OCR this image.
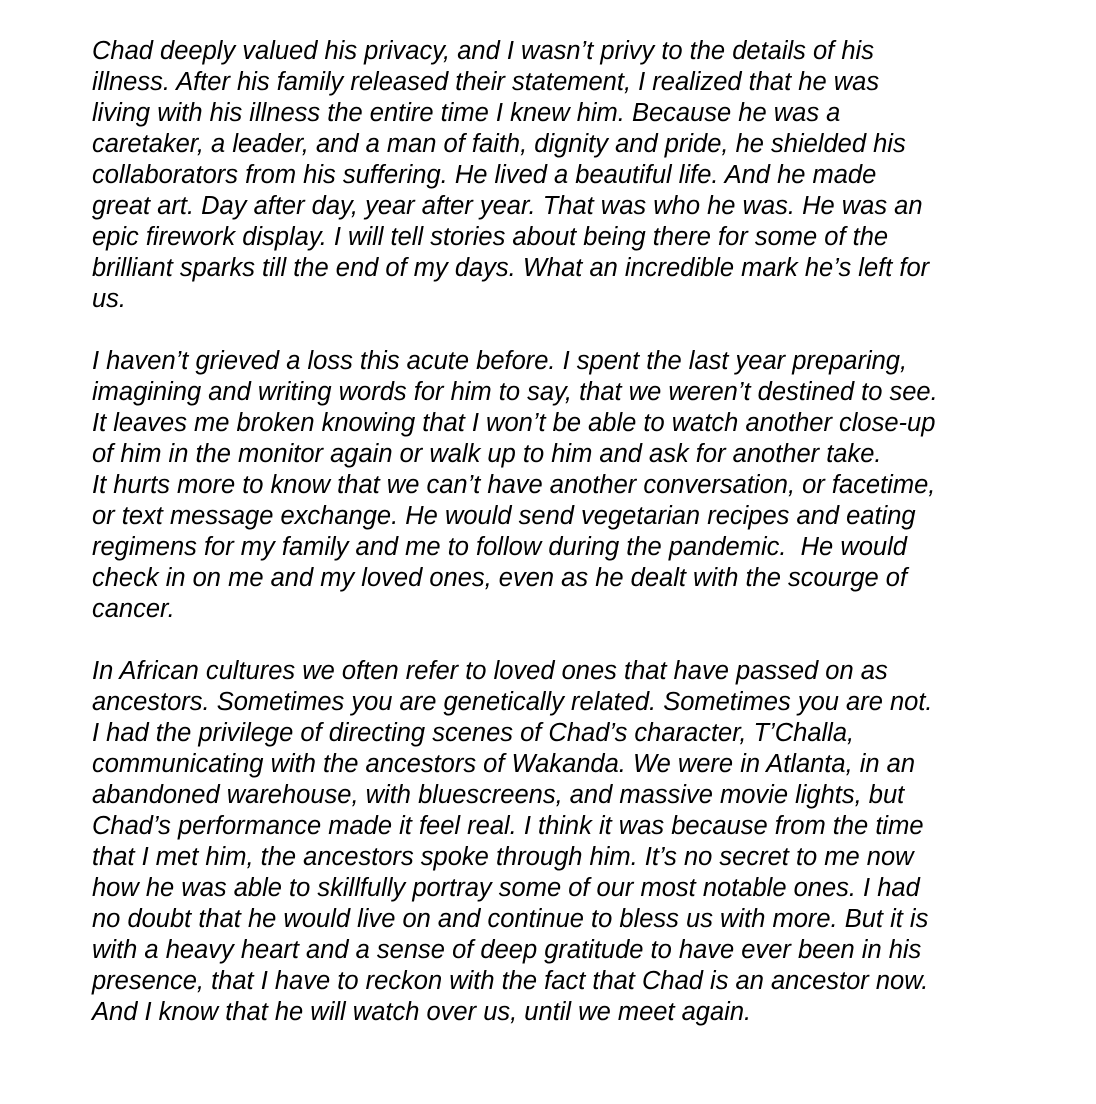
Chad deeply valued his privacy, and I wasn’t privy to the details of his
illness. After his family released their statement, I realized that he was
living with his illness the entire time I knew him. Because he was a
caretaker, a leader, and a man of faith, dignity and pride, he shielded his
collaborators from his suffering. He lived a beautiful life. And he made
great art. Day after day, year after year. That was who he was. He was an
epic firework display. I will tell stories about being there for some of the
brilliant sparks till the end of my days. What an incredible mark he’s left for
us.

I haven’t grieved a loss this acute before. I spent the last year preparing,
imagining and writing words for him to say, that we weren’t destined to see.
It leaves me broken knowing that I won’t be able to watch another close-up
of him in the monitor again or walk up to him and ask for another take.
It hurts more to know that we can’t have another conversation, or facetime,
or text message exchange. He would send vegetarian recipes and eating
regimens for my family and me to follow during the pandemic.  He would
check in on me and my loved ones, even as he dealt with the scourge of
cancer.

In African cultures we often refer to loved ones that have passed on as
ancestors. Sometimes you are genetically related. Sometimes you are not.
I had the privilege of directing scenes of Chad’s character, T’Challa,
communicating with the ancestors of Wakanda. We were in Atlanta, in an
abandoned warehouse, with bluescreens, and massive movie lights, but
Chad’s performance made it feel real. I think it was because from the time
that I met him, the ancestors spoke through him. It’s no secret to me now
how he was able to skillfully portray some of our most notable ones. I had
no doubt that he would live on and continue to bless us with more. But it is
with a heavy heart and a sense of deep gratitude to have ever been in his
presence, that I have to reckon with the fact that Chad is an ancestor now.
And I know that he will watch over us, until we meet again.
